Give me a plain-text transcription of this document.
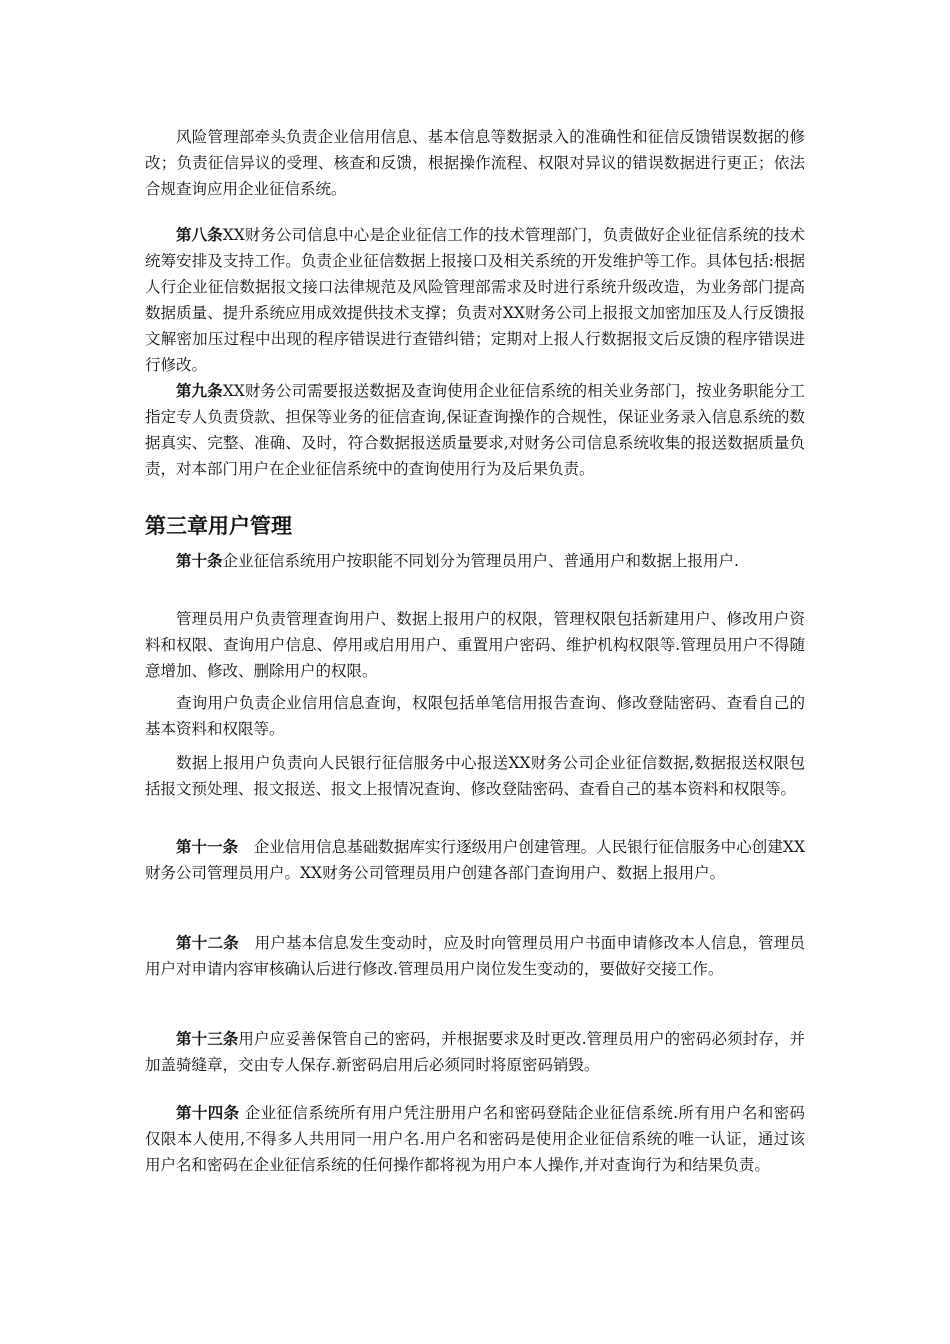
风险管理部牵头负责企业信用信息、基本信息等数据录入的准确性和征信反馈错误数据的修改；负责征信异议的受理、核查和反馈，根据操作流程、权限对异议的错误数据进行更正；依法合规查询应用企业征信系统。

第八条XX财务公司信息中心是企业征信工作的技术管理部门，负责做好企业征信系统的技术统筹安排及支持工作。负责企业征信数据上报接口及相关系统的开发维护等工作。具体包括:根据人行企业征信数据报文接口法律规范及风险管理部需求及时进行系统升级改造，为业务部门提高数据质量、提升系统应用成效提供技术支撑；负责对XX财务公司上报报文加密加压及人行反馈报文解密加压过程中出现的程序错误进行查错纠错；定期对上报人行数据报文后反馈的程序错误进行修改。

第九条XX财务公司需要报送数据及查询使用企业征信系统的相关业务部门，按业务职能分工指定专人负责贷款、担保等业务的征信查询,保证查询操作的合规性，保证业务录入信息系统的数据真实、完整、准确、及时，符合数据报送质量要求,对财务公司信息系统收集的报送数据质量负责，对本部门用户在企业征信系统中的查询使用行为及后果负责。

第三章用户管理

第十条企业征信系统用户按职能不同划分为管理员用户、普通用户和数据上报用户.

管理员用户负责管理查询用户、数据上报用户的权限，管理权限包括新建用户、修改用户资料和权限、查询用户信息、停用或启用用户、重置用户密码、维护机构权限等.管理员用户不得随意增加、修改、删除用户的权限。

查询用户负责企业信用信息查询，权限包括单笔信用报告查询、修改登陆密码、查看自己的基本资料和权限等。

数据上报用户负责向人民银行征信服务中心报送XX财务公司企业征信数据,数据报送权限包括报文预处理、报文报送、报文上报情况查询、修改登陆密码、查看自己的基本资料和权限等。

第十一条　企业信用信息基础数据库实行逐级用户创建管理。人民银行征信服务中心创建XX财务公司管理员用户。XX财务公司管理员用户创建各部门查询用户、数据上报用户。

第十二条　用户基本信息发生变动时，应及时向管理员用户书面申请修改本人信息，管理员用户对申请内容审核确认后进行修改.管理员用户岗位发生变动的，要做好交接工作。

第十三条用户应妥善保管自己的密码，并根据要求及时更改.管理员用户的密码必须封存，并加盖骑缝章，交由专人保存.新密码启用后必须同时将原密码销毁。

第十四条 企业征信系统所有用户凭注册用户名和密码登陆企业征信系统.所有用户名和密码仅限本人使用,不得多人共用同一用户名.用户名和密码是使用企业征信系统的唯一认证，通过该用户名和密码在企业征信系统的任何操作都将视为用户本人操作,并对查询行为和结果负责。
